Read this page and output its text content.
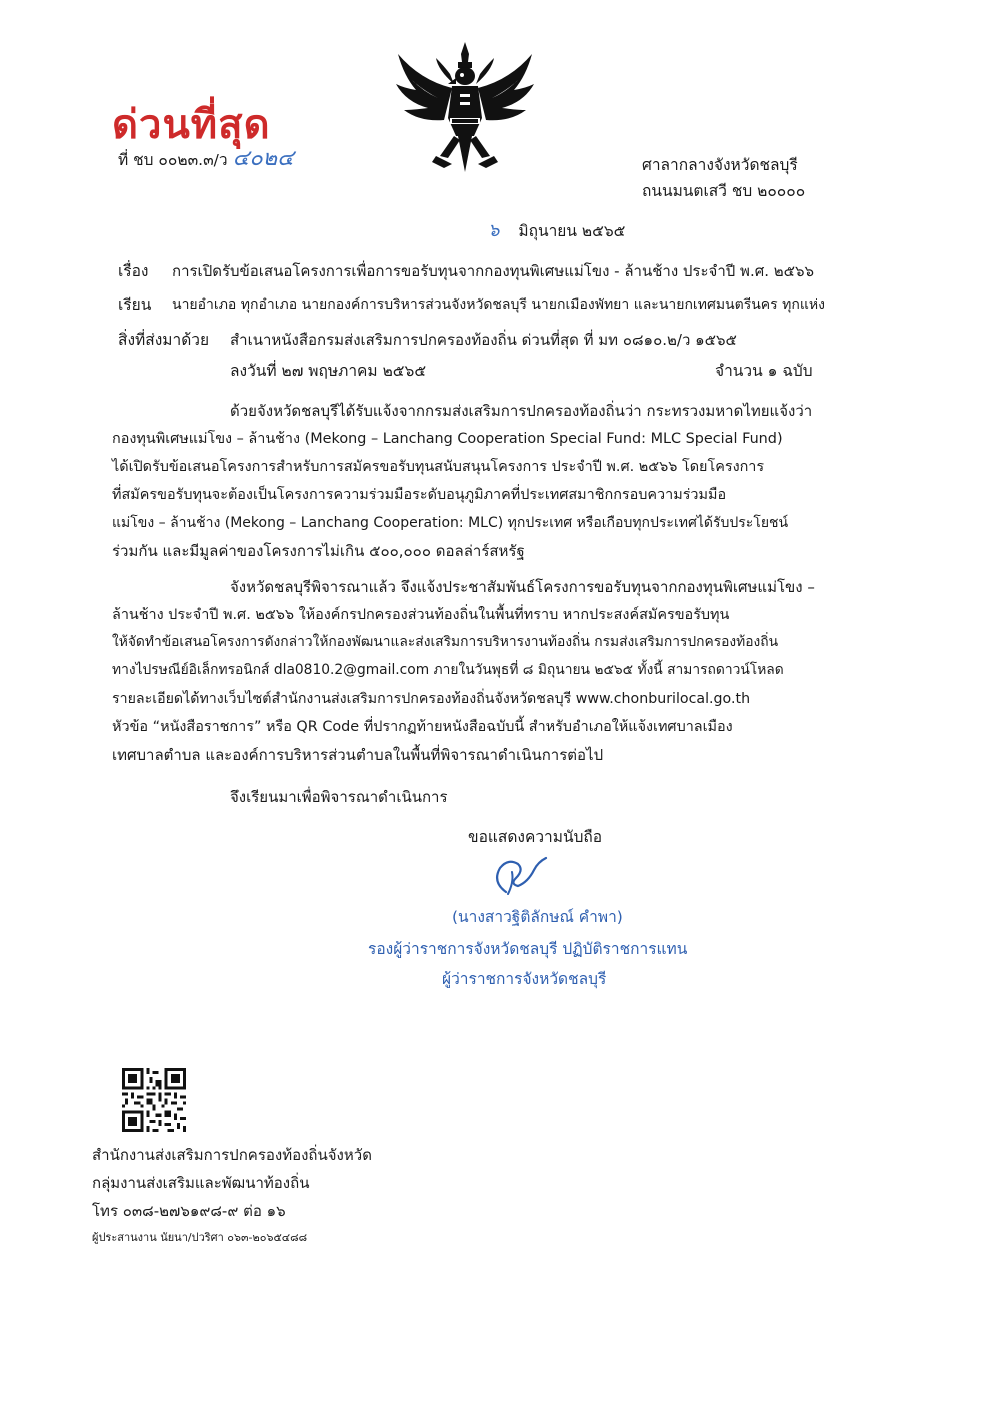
ด่วนที่สุด
ที่ ชบ ๐๐๒๓.๓/ว ๔๐๒๔	ศาลากลางจังหวัดชลบุรี
ถนนมนตเสวี ชบ ๒๐๐๐๐
๖ มิถุนายน ๒๕๖๕
เรื่อง การเปิดรับข้อเสนอโครงการเพื่อการขอรับทุนจากกองทุนพิเศษแม่โขง - ล้านช้าง ประจำปี พ.ศ. ๒๕๖๖
เรียน นายอำเภอ ทุกอำเภอ นายกองค์การบริหารส่วนจังหวัดชลบุรี นายกเมืองพัทยา และนายกเทศมนตรีนคร ทุกแห่ง
สิ่งที่ส่งมาด้วย สำเนาหนังสือกรมส่งเสริมการปกครองท้องถิ่น ด่วนที่สุด ที่ มท ๐๘๑๐.๒/ว ๑๕๖๕
ลงวันที่ ๒๗ พฤษภาคม ๒๕๖๕	จำนวน ๑ ฉบับ
ด้วยจังหวัดชลบุรีได้รับแจ้งจากกรมส่งเสริมการปกครองท้องถิ่นว่า กระทรวงมหาดไทยแจ้งว่า
กองทุนพิเศษแม่โขง – ล้านช้าง (Mekong – Lanchang Cooperation Special Fund: MLC Special Fund)
ได้เปิดรับข้อเสนอโครงการสำหรับการสมัครขอรับทุนสนับสนุนโครงการ ประจำปี พ.ศ. ๒๕๖๖ โดยโครงการ
ที่สมัครขอรับทุนจะต้องเป็นโครงการความร่วมมือระดับอนุภูมิภาคที่ประเทศสมาชิกกรอบความร่วมมือ
แม่โขง – ล้านช้าง (Mekong – Lanchang Cooperation: MLC) ทุกประเทศ หรือเกือบทุกประเทศได้รับประโยชน์
ร่วมกัน และมีมูลค่าของโครงการไม่เกิน ๕๐๐,๐๐๐ ดอลล่าร์สหรัฐ
จังหวัดชลบุรีพิจารณาแล้ว จึงแจ้งประชาสัมพันธ์โครงการขอรับทุนจากกองทุนพิเศษแม่โขง –
ล้านช้าง ประจำปี พ.ศ. ๒๕๖๖ ให้องค์กรปกครองส่วนท้องถิ่นในพื้นที่ทราบ หากประสงค์สมัครขอรับทุน
ให้จัดทำข้อเสนอโครงการดังกล่าวให้กองพัฒนาและส่งเสริมการบริหารงานท้องถิ่น กรมส่งเสริมการปกครองท้องถิ่น
ทางไปรษณีย์อิเล็กทรอนิกส์ dla0810.2@gmail.com ภายในวันพุธที่ ๘ มิถุนายน ๒๕๖๕ ทั้งนี้ สามารถดาวน์โหลด
รายละเอียดได้ทางเว็บไซต์สำนักงานส่งเสริมการปกครองท้องถิ่นจังหวัดชลบุรี www.chonburilocal.go.th
หัวข้อ “หนังสือราชการ” หรือ QR Code ที่ปรากฏท้ายหนังสือฉบับนี้ สำหรับอำเภอให้แจ้งเทศบาลเมือง
เทศบาลตำบล และองค์การบริหารส่วนตำบลในพื้นที่พิจารณาดำเนินการต่อไป
จึงเรียนมาเพื่อพิจารณาดำเนินการ
ขอแสดงความนับถือ
(นางสาวฐิติลักษณ์ คำพา)
รองผู้ว่าราชการจังหวัดชลบุรี ปฏิบัติราชการแทน
ผู้ว่าราชการจังหวัดชลบุรี
สำนักงานส่งเสริมการปกครองท้องถิ่นจังหวัด
กลุ่มงานส่งเสริมและพัฒนาท้องถิ่น
โทร ๐๓๘-๒๗๖๑๙๘-๙ ต่อ ๑๖
ผู้ประสานงาน นัยนา/ปวริศา ๐๖๓-๒๐๖๕๔๘๘
